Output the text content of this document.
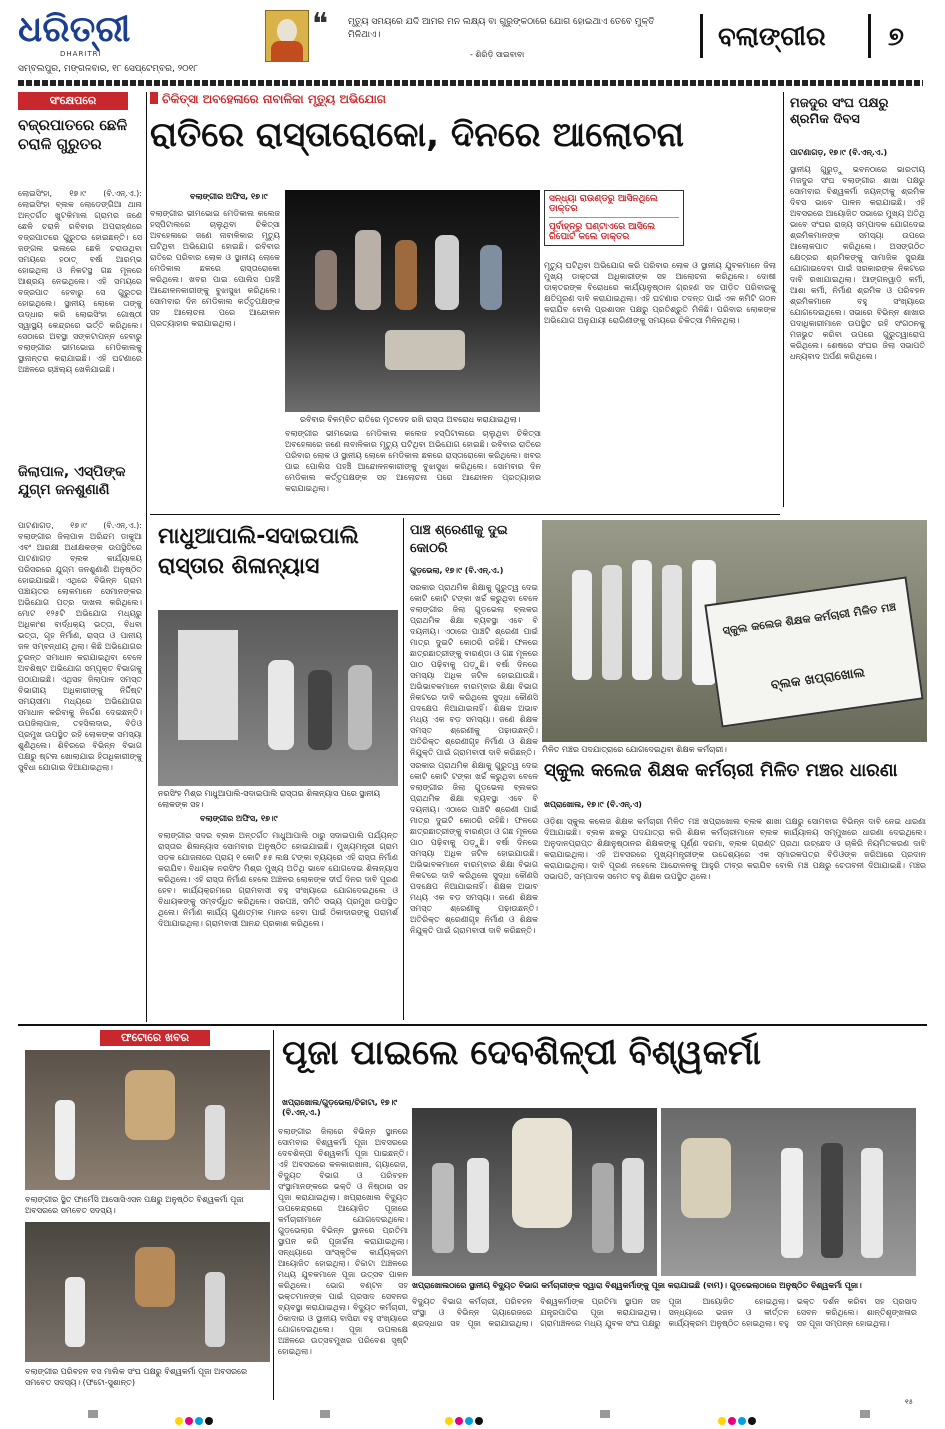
ଧରିତ୍ରୀ
DHARITRI
ସମ୍ବଲପୁର, ମଙ୍ଗଳବାର, ୧୮ ସେପ୍ଟେମ୍ବର, ୨୦୧୮
❝ ମୃତ୍ୟୁ ସମୟରେ ଯଦି ଆମର ମନ ଲକ୍ଷ୍ୟ ବା ଗୁରୁଙ୍କଠାରେ ଯୋଗ ହୋଇଥାଏ ତେବେ ମୁକ୍ତି ମିଳିଥାଏ।
- ଶିରିଡ଼ି ସାଇବାବା
ବଲାଙ୍ଗୀର ୭
ସଂକ୍ଷେପରେ
ବଜ୍ରପାତରେ ଛେଳି ଚରାଳି ଗୁରୁତର
ଲୋଇସିଂହା, ୧୭।୯ (ବି.ଏନ୍.ଏ.): ଲୋଇସିଂହା ବ୍ଲକ ଲୋଡେଙ୍ଗିଆ ଥାନା ଅନ୍ତର୍ଗତ ଖୁଟକିମାଲ ଗ୍ରାମର ଜଣେ ଛେଳି ଚରାଳି ରବିବାର ଅପରାହ୍ଣରେ ବଜ୍ରପାତରେ ଗୁରୁତର ହୋଇଛନ୍ତି। ସେ ଜଙ୍ଗଲ ଭଲରେ ଛେଳି ଚରାଉଥିବା ସମୟରେ ହଠାତ୍ ବର୍ଷା ଆରମ୍ଭ ହୋଇଥିଲା ଓ ନିକଟସ୍ଥ ଗଛ ମୂଳରେ ଆଶ୍ରୟ ନେଇଥିଲେ। ଏହି ସମୟରେ ବଜ୍ରପାତ ହେବାରୁ ସେ ଗୁରୁତର ହୋଇଥିଲେ। ସ୍ଥାନୀୟ ଲୋକେ ତାଙ୍କୁ ଉଦ୍ଧାର କରି ଲୋଇସିଂହା ଗୋଷ୍ଠୀ ସ୍ୱାସ୍ଥ୍ୟ କେନ୍ଦ୍ରରେ ଭର୍ତ୍ତି କରିଥିଲେ। ସେଠାରେ ଅବସ୍ଥା ସଙ୍କଟାପନ୍ନ ହେବାରୁ ବଲାଙ୍ଗୀର ଭୀମଭୋଇ ମେଡିକାଲକୁ ସ୍ଥାନାନ୍ତର କରାଯାଇଛି। ଏହି ଘଟଣାରେ ଅଞ୍ଚଳରେ ଚାଞ୍ଚଲ୍ୟ ଖେଳିଯାଇଛି।
ଜିଲାପାଳ, ଏସ୍‌ପିଙ୍କ ଯୁଗ୍ମ ଜନଶୁଣାଣି
ପାଟଣାଗଡ଼, ୧୭।୯ (ବି.ଏନ୍.ଏ.): ବଲାଙ୍ଗୀର ଜିଲାପାଳ ଅରିନ୍ଦମ ଡାକୁଆ ଏବଂ ଆରକ୍ଷୀ ଅଧୀକ୍ଷକଙ୍କ ଉପସ୍ଥିତିରେ ପାଟଣାଗଡ଼ ବ୍ଲକ କାର୍ଯ୍ୟାଳୟ ପରିସରରେ ଯୁଗ୍ମ ଜନଶୁଣାଣି ଅନୁଷ୍ଠିତ ହୋଇଯାଇଛି। ଏଥିରେ ବିଭିନ୍ନ ଗ୍ରାମ ପଞ୍ଚାୟତର ଲୋକମାନେ ସେମାନଙ୍କର ଅଭିଯୋଗ ପତ୍ର ଦାଖଲ କରିଥିଲେ। ମୋଟ ୧୨୫ଟି ଅଭିଯୋଗ ମଧ୍ୟରୁ ଅଧିକାଂଶ ବାର୍ଦ୍ଧକ୍ୟ ଭତ୍ତା, ବିଧବା ଭତ୍ତା, ଗୃହ ନିର୍ମାଣ, ରାସ୍ତା ଓ ପାନୀୟ ଜଳ ସମ୍ବନ୍ଧୀୟ ଥିଲା। କିଛି ଅଭିଯୋଗର ତୁରନ୍ତ ସମାଧାନ କରାଯାଇଥିବା ବେଳେ ଅବଶିଷ୍ଟ ଅଭିଯୋଗ ସମ୍ପୃକ୍ତ ବିଭାଗକୁ ପଠାଯାଇଛି। ଏଥିସହ ଜିଲାପାଳ ସମସ୍ତ ବିଭାଗୀୟ ଅଧିକାରୀଙ୍କୁ ନିର୍ଦ୍ଦିଷ୍ଟ ସମୟସୀମା ମଧ୍ୟରେ ଅଭିଯୋଗର ସମାଧାନ କରିବାକୁ ନିର୍ଦ୍ଦେଶ ଦେଇଛନ୍ତି। ଉପଜିଲାପାଳ, ତହସିଲଦାର, ବିଡିଓ ପ୍ରମୁଖ ଉପସ୍ଥିତ ରହି ଲୋକଙ୍କ ସମସ୍ୟା ଶୁଣିଥିଲେ। ଶିବିରରେ ବିଭିନ୍ନ ବିଭାଗ ପକ୍ଷରୁ ଷ୍ଟଲ ଖୋଲାଯାଇ ହିତାଧିକାରୀଙ୍କୁ ସୁବିଧା ଯୋଗାଇ ଦିଆଯାଇଥିଲା।
ଚିକିତ୍ସା ଅବହେଳାରେ ନାବାଳିକା ମୃତ୍ୟୁ ଅଭିଯୋଗ
ରାତିରେ ରାସ୍ତାରୋକୋ, ଦିନରେ ଆଲୋଚନା
ବଲାଙ୍ଗୀର ଅଫିସ, ୧୭।୯
ବଲାଙ୍ଗୀର ଭୀମଭୋଇ ମେଡିକାଲ କଲେଜ ହସ୍ପିଟାଲରେ ଚାଲୁଥିବା ଚିକିତ୍ସା ଅବହେଳାରେ ଜଣେ ନାବାଳିକାର ମୃତ୍ୟୁ ଘଟିଥିବା ଅଭିଯୋଗ ହୋଇଛି। ରବିବାର ରାତିରେ ପରିବାର ଲୋକ ଓ ସ୍ଥାନୀୟ ଲୋକେ ମେଡିକାଲ ଛକରେ ରାସ୍ତାରୋକୋ କରିଥିଲେ। ଖବର ପାଇ ପୋଲିସ ପହଞ୍ଚି ଆନ୍ଦୋଳନକାରୀଙ୍କୁ ବୁଝାସୁଝା କରିଥିଲେ। ସୋମବାର ଦିନ ମେଡିକାଲ କର୍ତ୍ତୃପକ୍ଷଙ୍କ ସହ ଆଲୋଚନା ପରେ ଆନ୍ଦୋଳନ ପ୍ରତ୍ୟାହାର କରାଯାଇଥିଲା।
ରବିବାର ବିଳମ୍ବିତ ରାତିରେ ମୃତଦେହ ରଖି ରାସ୍ତା ଅବରୋଧ କରାଯାଇଥିଲା।
ସନ୍ଧ୍ୟା ରାଉଣ୍ଡରୁ ଆସିନଥିଲେ ଡାକ୍ତର
ପୂର୍ବାହ୍ନରୁ ଘଣ୍ଟାଏରେ ଆସିଲେ ରିପୋର୍ଟ କଲେ ଡାକ୍ତର
ମୃତ୍ୟୁ ଘଟିଥିବା ଅଭିଯୋଗ କରି ପରିବାର ଲୋକ ଓ ସ୍ଥାନୀୟ ଯୁବକମାନେ ଜିଲା ମୁଖ୍ୟ ଡାକ୍ତରୀ ଅଧିକାରୀଙ୍କ ସହ ଆଲୋଚନା କରିଥିଲେ। ଦୋଷୀ ଡାକ୍ତରଙ୍କ ବିରୋଧରେ କାର୍ଯ୍ୟାନୁଷ୍ଠାନ ଗ୍ରହଣ ସହ ପୀଡ଼ିତ ପରିବାରକୁ କ୍ଷତିପୂରଣ ଦାବି କରାଯାଇଥିଲା। ଏହି ଘଟଣାର ତଦନ୍ତ ପାଇଁ ଏକ କମିଟି ଗଠନ କରାଯିବ ବୋଲି ପ୍ରଶାସନ ପକ୍ଷରୁ ପ୍ରତିଶ୍ରୁତି ମିଳିଛି। ପରିବାର ଲୋକଙ୍କ ଅଭିଯୋଗ ଅନୁଯାୟୀ ରୋଗିଣୀଙ୍କୁ ସମୟରେ ଚିକିତ୍ସା ମିଳିନଥିଲା।
ବଲାଙ୍ଗୀର ଭୀମଭୋଇ ମେଡିକାଲ କଲେଜ ହସ୍ପିଟାଲରେ ଚାଲୁଥିବା ଚିକିତ୍ସା ଅବହେଳାରେ ଜଣେ ନାବାଳିକାର ମୃତ୍ୟୁ ଘଟିଥିବା ଅଭିଯୋଗ ହୋଇଛି। ରବିବାର ରାତିରେ ପରିବାର ଲୋକ ଓ ସ୍ଥାନୀୟ ଲୋକେ ମେଡିକାଲ ଛକରେ ରାସ୍ତାରୋକୋ କରିଥିଲେ। ଖବର ପାଇ ପୋଲିସ ପହଞ୍ଚି ଆନ୍ଦୋଳନକାରୀଙ୍କୁ ବୁଝାସୁଝା କରିଥିଲେ। ସୋମବାର ଦିନ ମେଡିକାଲ କର୍ତ୍ତୃପକ୍ଷଙ୍କ ସହ ଆଲୋଚନା ପରେ ଆନ୍ଦୋଳନ ପ୍ରତ୍ୟାହାର କରାଯାଇଥିଲା।
ମଜଦୁର ସଂଘ ପକ୍ଷରୁ ଶ୍ରମିକ ଦିବସ
ପାଟଣାଗଡ଼, ୧୭।୯ (ବି.ଏନ୍.ଏ.)
ସ୍ଥାନୀୟ ଗୁରୁଡ଼ୁ ଭବନଠାରେ ଭାରତୀୟ ମଜଦୁର ସଂଘ ବଲାଙ୍ଗୀର ଶାଖା ପକ୍ଷରୁ ସୋମବାର ବିଶ୍ୱକର୍ମା ଜୟନ୍ତୀକୁ ଶ୍ରମିକ ଦିବସ ଭାବେ ପାଳନ କରାଯାଇଛି। ଏହି ଅବସରରେ ଆୟୋଜିତ ସଭାରେ ମୁଖ୍ୟ ଅତିଥି ଭାବେ ସଂଘର ରାଜ୍ୟ ସମ୍ପାଦକ ଯୋଗଦେଇ ଶ୍ରମିକମାନଙ୍କ ସମସ୍ୟା ଉପରେ ଆଲୋକପାତ କରିଥିଲେ। ଅସଙ୍ଗଠିତ କ୍ଷେତ୍ରର ଶ୍ରମିକଙ୍କୁ ସାମାଜିକ ସୁରକ୍ଷା ଯୋଗାଇଦେବା ପାଇଁ ସରକାରଙ୍କ ନିକଟରେ ଦାବି ରଖାଯାଇଥିଲା। ଆଙ୍ଗନୱାଡ଼ି କର୍ମୀ, ଆଶା କର୍ମୀ, ନିର୍ମାଣ ଶ୍ରମିକ ଓ ପରିବହନ ଶ୍ରମିକମାନେ ବହୁ ସଂଖ୍ୟାରେ ଯୋଗଦେଇଥିଲେ। ସଭାରେ ବିଭିନ୍ନ ଶାଖାର ପଦାଧିକାରୀମାନେ ଉପସ୍ଥିତ ରହି ସଂଗଠନକୁ ମଜଭୁତ କରିବା ଉପରେ ଗୁରୁତ୍ୱାରୋପ କରିଥିଲେ। ଶେଷରେ ସଂଘର ଜିଲା ସଭାପତି ଧନ୍ୟବାଦ ଅର୍ପଣ କରିଥିଲେ।
ମାଧୁଆପାଲି-ସଦାଇପାଲି
ରାସ୍ତାର ଶିଳାନ୍ୟାସ
ନରସିଂହ ମିଶ୍ର ମାଧୁଆପାଲି-ସଦାଇପାଲି ରାସ୍ତାର ଶିଳାନ୍ୟାସ ପରେ ସ୍ଥାନୀୟ ଲୋକଙ୍କ ସହ।
ବଲାଙ୍ଗୀର ଅଫିସ, ୧୭।୯
ବଲାଙ୍ଗୀର ସଦର ବ୍ଲକ ଅନ୍ତର୍ଗତ ମାଧୁଆପାଲି ଠାରୁ ସଦାଇପାଲି ପର୍ଯ୍ୟନ୍ତ ରାସ୍ତାର ଶିଳାନ୍ୟାସ ସୋମବାର ଅନୁଷ୍ଠିତ ହୋଇଯାଇଛି। ମୁଖ୍ୟମନ୍ତ୍ରୀ ଗ୍ରାମ ସଡ଼କ ଯୋଜନାରେ ପ୍ରାୟ ୧ କୋଟି ୫୫ ଲକ୍ଷ ଟଙ୍କା ବ୍ୟୟରେ ଏହି ରାସ୍ତା ନିର୍ମାଣ କରାଯିବ। ବିଧାୟକ ନରସିଂହ ମିଶ୍ର ମୁଖ୍ୟ ଅତିଥି ଭାବେ ଯୋଗଦେଇ ଶିଳାନ୍ୟାସ କରିଥିଲେ। ଏହି ରାସ୍ତା ନିର୍ମାଣ ହେଲେ ଅଞ୍ଚଳର ଲୋକଙ୍କ ଦୀର୍ଘ ଦିନର ଦାବି ପୂରଣ ହେବ। କାର୍ଯ୍ୟକ୍ରମରେ ଗ୍ରାମବାସୀ ବହୁ ସଂଖ୍ୟାରେ ଯୋଗଦେଇଥିଲେ ଓ ବିଧାୟକଙ୍କୁ ସମ୍ବର୍ଦ୍ଧିତ କରିଥିଲେ। ସରପଞ୍ଚ, ସମିତି ସଭ୍ୟ ପ୍ରମୁଖ ଉପସ୍ଥିତ ଥିଲେ। ନିର୍ମାଣ କାର୍ଯ୍ୟ ଗୁଣାତ୍ମକ ମାନର ହେବା ପାଇଁ ଠିକାଦାରଙ୍କୁ ପରାମର୍ଶ ଦିଆଯାଇଥିଲା। ଗ୍ରାମବାସୀ ଆନନ୍ଦ ପ୍ରକାଶ କରିଥିଲେ।
ପାଞ୍ଚ ଶ୍ରେଣୀକୁ ଦୁଇ
କୋଠରି
ଗୁଡ଼ଭେଲା, ୧୭।୯ (ବି.ଏନ୍.ଏ.)
ସରକାର ପ୍ରାଥମିକ ଶିକ୍ଷାକୁ ଗୁରୁତ୍ୱ ଦେଇ କୋଟି କୋଟି ଟଙ୍କା ଖର୍ଚ୍ଚ କରୁଥିବା ବେଳେ ବଲାଙ୍ଗୀର ଜିଲା ଗୁଡ଼ଭେଲା ବ୍ଲକର ପ୍ରାଥମିକ ଶିକ୍ଷା ବ୍ୟବସ୍ଥା ଏବେ ବି ଦୟନୀୟ। ଏଠାରେ ପାଞ୍ଚଟି ଶ୍ରେଣୀ ପାଇଁ ମାତ୍ର ଦୁଇଟି କୋଠରି ରହିଛି। ଫଳରେ ଛାତ୍ରଛାତ୍ରୀଙ୍କୁ ବାରଣ୍ଡା ଓ ଗଛ ମୂଳରେ ପାଠ ପଢ଼ିବାକୁ ପଡ଼ୁଛି। ବର୍ଷା ଦିନରେ ସମସ୍ୟା ଅଧିକ ଜଟିଳ ହୋଇଯାଉଛି। ଅଭିଭାବକମାନେ ବାରମ୍ବାର ଶିକ୍ଷା ବିଭାଗ ନିକଟରେ ଦାବି କରିଥିଲେ ସୁଦ୍ଧା କୌଣସି ପଦକ୍ଷେପ ନିଆଯାଇନାହିଁ। ଶିକ୍ଷକ ଅଭାବ ମଧ୍ୟ ଏକ ବଡ଼ ସମସ୍ୟା। ଜଣେ ଶିକ୍ଷକ ସମସ୍ତ ଶ୍ରେଣୀକୁ ପଢ଼ାଉଛନ୍ତି। ଅତିରିକ୍ତ ଶ୍ରେଣୀଗୃହ ନିର୍ମାଣ ଓ ଶିକ୍ଷକ ନିଯୁକ୍ତି ପାଇଁ ଗ୍ରାମବାସୀ ଦାବି କରିଛନ୍ତି।
ସ୍କୁଲ କଲେଜ ଶିକ୍ଷକ କର୍ମଚାରୀ ମିଳିତ ମଞ୍ଚ
ବ୍ଲକ ଖପ୍ରାଖୋଲ
ମିଳିତ ମଞ୍ଚର ପଦଯାତ୍ରାରେ ଯୋଗଦେଇଥିବା ଶିକ୍ଷକ କର୍ମଚାରୀ।
ସ୍କୁଲ କଲେଜ ଶିକ୍ଷକ କର୍ମଚାରୀ ମିଳିତ ମଞ୍ଚର ଧାରଣା
ଖପ୍ରାଖୋଲ, ୧୭।୯ (ବି.ଏନ୍.ଏ)
ସରକାର ପ୍ରାଥମିକ ଶିକ୍ଷାକୁ ଗୁରୁତ୍ୱ ଦେଇ କୋଟି କୋଟି ଟଙ୍କା ଖର୍ଚ୍ଚ କରୁଥିବା ବେଳେ ବଲାଙ୍ଗୀର ଜିଲା ଗୁଡ଼ଭେଲା ବ୍ଲକର ପ୍ରାଥମିକ ଶିକ୍ଷା ବ୍ୟବସ୍ଥା ଏବେ ବି ଦୟନୀୟ। ଏଠାରେ ପାଞ୍ଚଟି ଶ୍ରେଣୀ ପାଇଁ ମାତ୍ର ଦୁଇଟି କୋଠରି ରହିଛି। ଫଳରେ ଛାତ୍ରଛାତ୍ରୀଙ୍କୁ ବାରଣ୍ଡା ଓ ଗଛ ମୂଳରେ ପାଠ ପଢ଼ିବାକୁ ପଡ଼ୁଛି। ବର୍ଷା ଦିନରେ ସମସ୍ୟା ଅଧିକ ଜଟିଳ ହୋଇଯାଉଛି। ଅଭିଭାବକମାନେ ବାରମ୍ବାର ଶିକ୍ଷା ବିଭାଗ ନିକଟରେ ଦାବି କରିଥିଲେ ସୁଦ୍ଧା କୌଣସି ପଦକ୍ଷେପ ନିଆଯାଇନାହିଁ। ଶିକ୍ଷକ ଅଭାବ ମଧ୍ୟ ଏକ ବଡ଼ ସମସ୍ୟା। ଜଣେ ଶିକ୍ଷକ ସମସ୍ତ ଶ୍ରେଣୀକୁ ପଢ଼ାଉଛନ୍ତି। ଅତିରିକ୍ତ ଶ୍ରେଣୀଗୃହ ନିର୍ମାଣ ଓ ଶିକ୍ଷକ ନିଯୁକ୍ତି ପାଇଁ ଗ୍ରାମବାସୀ ଦାବି କରିଛନ୍ତି।
ଓଡ଼ିଶା ସ୍କୁଲ କଲେଜ ଶିକ୍ଷକ କର୍ମଚାରୀ ମିଳିତ ମଞ୍ଚ ଖପ୍ରାଖୋଲ ବ୍ଲକ ଶାଖା ପକ୍ଷରୁ ସୋମବାର ବିଭିନ୍ନ ଦାବି ନେଇ ଧାରଣା ଦିଆଯାଇଛି। ବ୍ଲକ ଛକରୁ ପଦଯାତ୍ରା କରି ଶିକ୍ଷକ କର୍ମଚାରୀମାନେ ବ୍ଲକ କାର୍ଯ୍ୟାଳୟ ସମ୍ମୁଖରେ ଧାରଣା ଦେଇଥିଲେ। ଅନୁଦାନପ୍ରାପ୍ତ ଶିକ୍ଷାନୁଷ୍ଠାନର ଶିକ୍ଷକଙ୍କୁ ପୂର୍ଣ୍ଣ ଦରମା, ବ୍ଲକ ଗ୍ରାଣ୍ଟ ପ୍ରଥା ଉଚ୍ଛେଦ ଓ ଚାକିରି ନିୟମିତକରଣ ଦାବି କରାଯାଇଥିଲା। ଏହି ଅବସରରେ ମୁଖ୍ୟମନ୍ତ୍ରୀଙ୍କ ଉଦ୍ଦେଶ୍ୟରେ ଏକ ସ୍ମାରକପତ୍ର ବିଡିଓଙ୍କ ଜରିଆରେ ପ୍ରଦାନ କରାଯାଇଥିଲା। ଦାବି ପୂରଣ ନହେଲେ ଆନ୍ଦୋଳନକୁ ଆହୁରି ତୀବ୍ର କରାଯିବ ବୋଲି ମଞ୍ଚ ପକ୍ଷରୁ ଚେତାବନୀ ଦିଆଯାଇଛି। ମଞ୍ଚର ସଭାପତି, ସମ୍ପାଦକ ସମେତ ବହୁ ଶିକ୍ଷକ ଉପସ୍ଥିତ ଥିଲେ।
ଫଟୋରେ ଖବର
ବଲାଙ୍ଗୀର ସ୍ଥିତ ଫାର୍ମେସି ଆସୋସିଏସନ ପକ୍ଷରୁ ଅନୁଷ୍ଠିତ ବିଶ୍ୱକର୍ମା ପୂଜା ଅବସରରେ ସମବେତ ସଦସ୍ୟ।
ବଲାଙ୍ଗୀର ପରିବହନ ବସ ମାଲିକ ସଂଘ ପକ୍ଷରୁ ବିଶ୍ୱକର୍ମା ପୂଜା ଅବସରରେ ସମବେତ ସଦସ୍ୟ। (ଫଟୋ-ସୁଶାନ୍ତ)
ପୂଜା ପାଇଲେ ଦେବଶିଳ୍ପୀ ବିଶ୍ୱକର୍ମା
ଖପ୍ରାଖୋଲ/ଗୁଡ଼ଭେଲା/ଚିଚ୍ଚାଟା, ୧୭।୯ (ବି.ଏନ୍.ଏ.)
ବଲାଙ୍ଗୀର ଜିଲାରେ ବିଭିନ୍ନ ସ୍ଥାନରେ ସୋମବାର ବିଶ୍ୱକର୍ମା ପୂଜା ଅବସରରେ ଦେବଶିଳ୍ପୀ ବିଶ୍ୱକର୍ମା ପୂଜା ପାଇଛନ୍ତି। ଏହି ଅବସରରେ କଳକାରଖାନା, ଗ୍ୟାରେଜ, ବିଦ୍ୟୁତ ବିଭାଗ ଓ ପରିବହନ ସଂସ୍ଥାମାନଙ୍କରେ ଭକ୍ତି ଓ ନିଷ୍ଠାର ସହ ପୂଜା କରାଯାଇଥିଲା। ଖପ୍ରାଖୋଲ ବିଦ୍ୟୁତ ଉପକେନ୍ଦ୍ରରେ ଆୟୋଜିତ ପୂଜାରେ କର୍ମଚାରୀମାନେ ଯୋଗଦେଇଥିଲେ। ଗୁଡ଼ଭେଲାର ବିଭିନ୍ନ ସ୍ଥାନରେ ପ୍ରତିମା ସ୍ଥାପନ କରି ପୂଜାର୍ଚ୍ଚନା କରାଯାଇଥିଲା। ସନ୍ଧ୍ୟାରେ ସାଂସ୍କୃତିକ କାର୍ଯ୍ୟକ୍ରମ ଆୟୋଜିତ ହୋଇଥିଲା। ଚିଚ୍ଚାଟା ଅଞ୍ଚଳରେ ମଧ୍ୟ ଯୁବକମାନେ ପୂଜା ଉତ୍ସବ ପାଳନ କରିଥିଲେ। ଭୋଗ ବଣ୍ଟନ ସହ ଭକ୍ତମାନଙ୍କ ପାଇଁ ପ୍ରସାଦ ସେବନର ବ୍ୟବସ୍ଥା କରାଯାଇଥିଲା। ବିଦ୍ୟୁତ କର୍ମଚାରୀ, ଠିକାଦାର ଓ ସ୍ଥାନୀୟ ବାସିନ୍ଦା ବହୁ ସଂଖ୍ୟାରେ ଯୋଗଦେଇଥିଲେ। ପୂଜା ଉପଲକ୍ଷେ ଅଞ୍ଚଳରେ ଉତ୍ସବମୁଖର ପରିବେଶ ସୃଷ୍ଟି ହୋଇଥିଲା।
ଖପ୍ରାଖୋଲଠାରେ ସ୍ଥାନୀୟ ବିଦ୍ୟୁତ ବିଭାଗ କର୍ମଚାରୀଙ୍କ ଦ୍ୱାରା ବିଶ୍ୱକର୍ମାଙ୍କୁ ପୂଜା କରାଯାଇଛି (ବାମ)। ଗୁଡ଼ଭେଲାଠାରେ ଅନୁଷ୍ଠିତ ବିଶ୍ୱକର୍ମା ପୂଜା।
ବିଦ୍ୟୁତ ବିଭାଗ କର୍ମଚାରୀ, ପରିବହନ ସଂସ୍ଥା ଓ ବିଭିନ୍ନ ଗ୍ୟାରେଜରେ ଶ୍ରଦ୍ଧାର ସହ ପୂଜା କରାଯାଇଥିଲା। ବିଶ୍ୱକର୍ମାଙ୍କ ପ୍ରତିମା ସ୍ଥାପନ ସହ ଯନ୍ତ୍ରପାତିର ପୂଜା କରାଯାଇଥିଲା। ଗ୍ରାମାଞ୍ଚଳରେ ମଧ୍ୟ ଯୁବକ ସଂଘ ପକ୍ଷରୁ ପୂଜା ଆୟୋଜିତ ହୋଇଥିଲା। ସନ୍ଧ୍ୟାରେ ଭଜନ ଓ କୀର୍ତ୍ତନ କାର୍ଯ୍ୟକ୍ରମ ଅନୁଷ୍ଠିତ ହୋଇଥିଲା। ବହୁ ଭକ୍ତ ଦର୍ଶନ କରିବା ସହ ପ୍ରସାଦ ସେବନ କରିଥିଲେ। ଶାନ୍ତିଶୃଙ୍ଖଳାର ସହ ପୂଜା ସମ୍ପନ୍ନ ହୋଇଥିଲା।
୧୫
